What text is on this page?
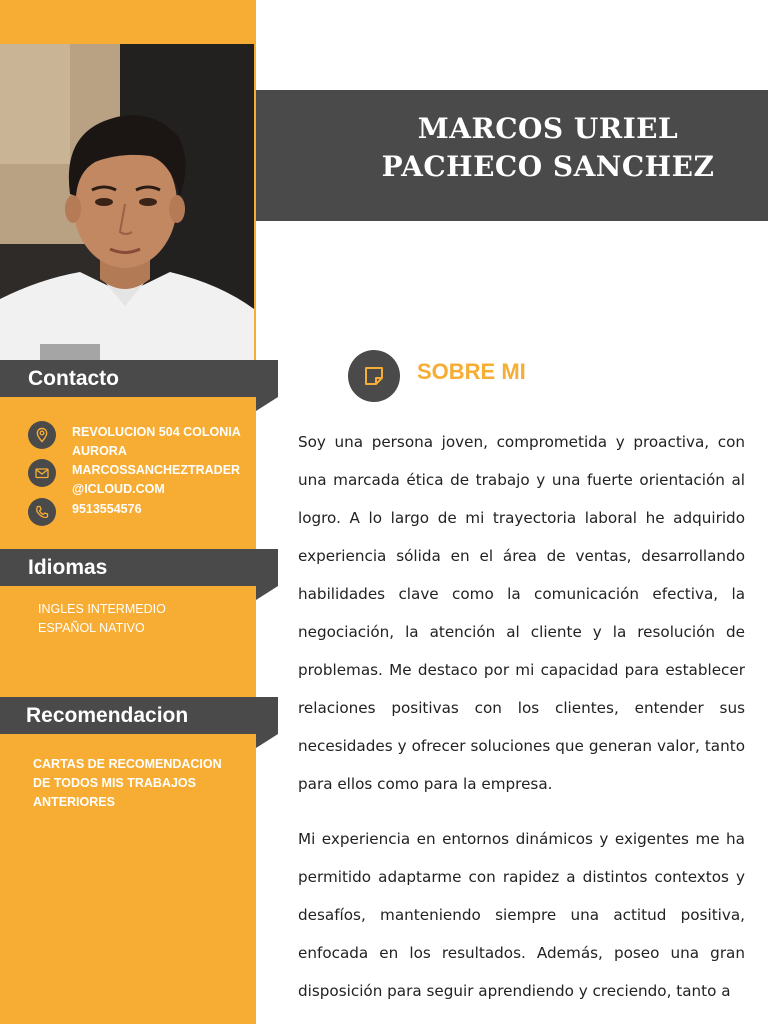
Contacto
REVOLUCION 504 COLONIA
AURORA
MARCOSSANCHEZTRADER
@ICLOUD.COM
9513554576
Idiomas
INGLES INTERMEDIO
ESPAÑOL NATIVO
Recomendacion
CARTAS DE RECOMENDACION
DE TODOS MIS TRABAJOS
ANTERIORES
MARCOS URIEL
PACHECO SANCHEZ
SOBRE MI
Soy una persona joven, comprometida y proactiva, con una marcada ética de trabajo y una fuerte orientación al logro. A lo largo de mi trayectoria laboral he adquirido experiencia sólida en el área de ventas, desarrollando habilidades clave como la comunicación efectiva, la negociación, la atención al cliente y la resolución de problemas. Me destaco por mi capacidad para establecer relaciones positivas con los clientes, entender sus necesidades y ofrecer soluciones que generan valor, tanto para ellos como para la empresa.
Mi experiencia en entornos dinámicos y exigentes me ha permitido adaptarme con rapidez a distintos contextos y desafíos, manteniendo siempre una actitud positiva, enfocada en los resultados. Además, poseo una gran disposición para seguir aprendiendo y creciendo, tanto a
